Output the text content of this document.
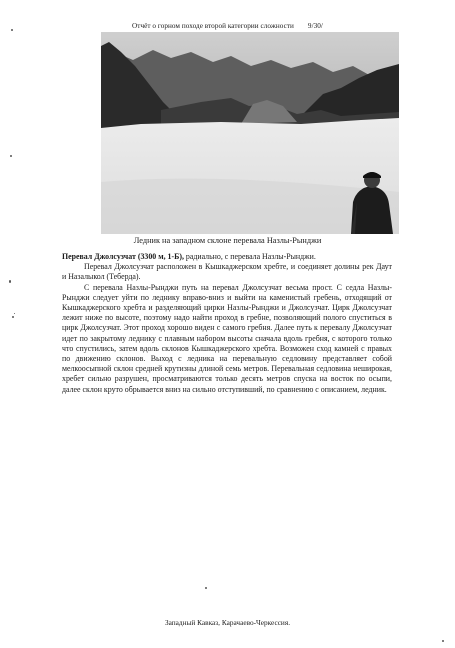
Отчёт о горном походе второй категории сложности 9/30/
Ледник на западном склоне перевала Назлы-Рынджи

Перевал Джолсузчат (3300 м, 1-Б), радиально, с перевала Назлы-Рынджи.

Перевал Джолсузчат расположен в Кышкаджерском хребте, и соединяет долины рек Даут и Назалыкол (Теберда).

С перевала Назлы-Рынджи путь на перевал Джолсузчат весьма прост. С седла Назлы-Рынджи следует уйти по леднику вправо-вниз и выйти на каменистый гребень, отходящий от Кышкаджерского хребта и разделяющий цирки Назлы-Рынджи и Джолсузчат. Цирк Джолсузчат лежит ниже по высоте, поэтому надо найти проход в гребне, позволяющий полого спуститься в цирк Джолсузчат. Этот проход хорошо виден с самого гребня. Далее путь к перевалу Джолсузчат идет по закрытому леднику с плавным набором высоты сначала вдоль гребня, с которого только что спустились, затем вдоль склонов Кышкаджерского хребта. Возможен сход камней с правых по движению склонов. Выход с ледника на перевальную седловину представляет собой мелкоосыпной склон средней крутизны длиной семь метров. Перевальная седловина неширокая, хребет сильно разрушен, просматриваются только десять метров спуска на восток по осыпи, далее склон круто обрывается вниз на сильно отступивший, по сравнению с описанием, ледник.

Западный Кавказ, Карачаево-Черкессия.
